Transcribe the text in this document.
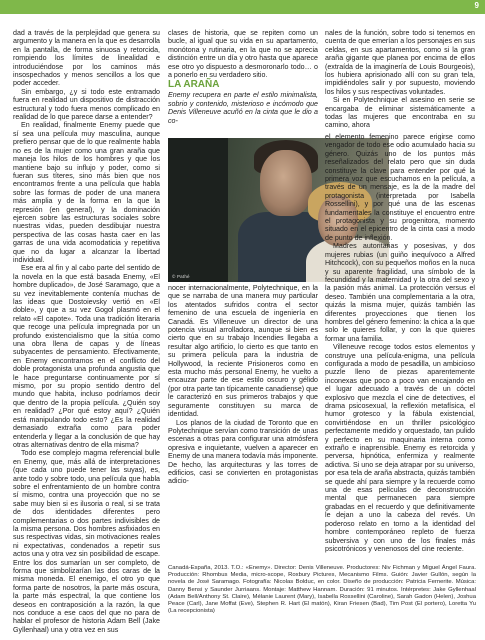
9

dad a través de la perplejidad que genera su argumento y la manera en la que es desarrolla en la pantalla, de forma sinuosa y retorcida, rompiendo los límites de linealidad e introduciéndose por los caminos más insospechados y menos sencillos a los que poder acceder.

Sin embargo, ¿y si todo este entramado fuera en realidad un dispositivo de distracción estructural y todo fuera menos complicado en realidad de lo que parece darse a entender?

En realidad, finalmente Enemy puede que sí sea una película muy masculina, aunque prefiero pensar que de lo que realmente habla no es de la mujer como una gran araña que maneja los hilos de los hombres y que los mantiene bajo su influjo y poder, como si fueran sus títeres, sino más bien que nos encontramos frente a una película que habla sobre las formas de poder de una manera más amplia y de la forma en la que la represión (en general), y la dominación ejercen sobre las estructuras sociales sobre nuestras vidas, pueden desdibujar nuestra perspectiva de las cosas hasta caer en las garras de una vida acomodaticia y repetitiva que no da lugar a alcanzar la libertad individual.

Ese era al fin y al cabo parte del sentido de la novela en la que está basada Enemy, «El hombre duplicado», de José Saramago, que a su vez inevitablemente contenía muchas de las ideas que Dostoievsky vertió en «El doble», y que a su vez Gogol plasmó en el relato «El capote». Toda una tradición literaria que recoge una película impregnada por un profundo existencialismo que la sitúa como una obra llena de capas y de líneas subyacentes de pensamiento. Efectivamente, en Enemy encontramos en el conflicto del doble protagonista una profunda angustia que le hace preguntarse continuamente por sí mismo, por su propio sentido dentro del mundo que habita, incluso podríamos decir que dentro de la propia película. ¿Quién soy en realidad? ¿Por qué estoy aquí? ¿Quién está manipulando todo esto? ¿Es la realidad demasiado extraña como para poder entenderla y llegar a la conclusión de que hay otras alternativas dentro de ella misma?

Todo ese complejo magma referencial bulle en Enemy, que, más allá de interpretaciones (que cada uno puede tener las suyas), es, ante todo y sobre todo, una película que habla sobre el enfrentamiento de un hombre contra sí mismo, contra una proyección que no se sabe muy bien si es ilusoria o real, si se trata de dos identidades diferentes pero complementarias o dos partes indivisibles de la misma persona. Dos hombres asfixiados en sus respectivas vidas, sin motivaciones reales ni expectativas, condenados a repetir sus actos una y otra vez sin posibilidad de escape. Entre los dos sumarían un ser completo, de forma que simbolizarían las dos caras de la misma moneda. El enemigo, el otro yo que forma parte de nosotros, la parte más oscura, la parte más espectral, la que contiene los deseos en contraposición a la razón, la que nos conduce a ese caos del que no para de hablar el profesor de historia Adam Bell (Jake Gyllenhaal) una y otra vez en sus

clases de historia, que se repiten como un bucle, al igual que su vida en su apartamento, monótona y rutinaria, en la que no se aprecia distinción entre un día y otro hasta que aparece ese otro yo dispuesto a desmoronarlo todo… o a ponerlo en su verdadero sitio.

LA ARAÑA

Enemy recupera en parte el estilo minimalista, sobrio y contenido, misterioso e incómodo que Denis Villeneuve acuñó en la cinta que le dio a co-

nales de la función, sobre todo si tenemos en cuenta de que emerían a los personajes en sus celdas, en sus apartamentos, como si la gran araña gigante que planea por encima de ellos (extraída de la imaginería de Louis Bourgeois), los hubiera aprisionado allí con su gran tela, impidiéndoles salir y por supuesto, moviendo los hilos y sus respectivas voluntades.

Si en Polytechnique el asesino en serie se encargaba de eliminar sistemáticamente a todas las mujeres que encontraba en su camino, ahora

© Pathé

el elemento femenino parece erigirse como vengador de todo ese odio acumulado hacia su género. Quizás uno de los puntos más reseñalizados del relato pero que sin duda constituye la clave para entender por qué la primera voz que escuchamos en la película, a través de un mensaje, es la de la madre del protagonista (interpretada por Isabella Rossellini), y por qué una de las escenas fundamentales la constituye el encuentro entre el protagonista y su progenitora, momento situado en el epicentro de la cinta casi a modo de punto de inflexión.

Madres autoritarias y posesivas, y dos mujeres rubias (un guiño inequívoco a Alfred Hitchcock), con su pequeños moños en la nuca y su aparente fragilidad, una símbolo de la fecundidad y la maternidad y la otra del sexo y la pasión más animal. La protección versus el deseo. También una complementaria a la otra, quizás la misma mujer, quizás también las diferentes proyecciones que tienen los hombres del género femenino: la chica a la que solo le quieres follar, y con la que quieres formar una familia.

Villeneuve recoge todos estos elementos y construye una película-enigma, una película configurada a modo de pesadilla, un ambicioso puzzle lleno de piezas aparentemente inconexas que poco a poco van encajando en el lugar adecuado a través de un cóctel explosivo que mezcla el cine de detectives, el drama psicosexual, la reflexión metafísica, el humor grotesco y la fábula existencial, convirtiéndose en un thriller psicológico perfectamente medido y orquestado, tan pulido y perfecto en su maquinaria interna como extraño e inaprensible. Enemy es retorcida y perversa, hipnótica, enfermiza y realmente adictiva. Si uno se deja atrapar por su universo, por esa tela de araña abstracta, quizás también se quede ahí para siempre y la recuerde como una de esas películas de deconstrucción mental que permanecen para siempre grabadas en el recuerdo y que definitivamente le dejan a uno la cabeza del revés. Un poderoso relato en torno a la identidad del hombre contemporáneo repleto de fuerza subversiva y con uno de los finales más psicotrónicos y venenosos del cine reciente.

nocer internacionalmente, Polytechnique, en la que se narraba de una manera muy particular los atentados sufridos contra el sector femenino de una escuela de ingeniería en Canadá. Es Villeneuve un director de una potencia visual arrolladora, aunque si bien es cierto que en su trabajo Incendies llegaba a resultar algo artificio, lo cierto es que tanto en su primera película para la industria de Hollywood, la reciente Prisioneros como en esta mucho más personal Enemy, he vuelto a encauzar parte de ese estilo oscuro y gélido (por otra parte tan típicamente canadiense) que le caracterizó en sus primeros trabajos y que seguramente constituyen su marca de identidad.

Los planos de la ciudad de Toronto que en Polytechnique servían como transición de unas escenas a otras para configurar una atmósfera opresiva e inquietante, vuelven a aparecer en Enemy de una manera todavía más imponente. De hecho, las arquitecturas y las torres de edificios, casi se convierten en protagonistas adicio-

Canadá-España, 2013. T.O.: «Enemy». Director: Denis Villeneuve. Productores: Niv Fichman y Miguel Ángel Faura. Producción: Rhombus Media, micro-scope, Roxbury Pictures, Mecanismo Films. Guión: Javier Gullón, según la novela de José Saramago. Fotografía: Nicolas Bolduc, en color. Diseño de producción: Patricia Fernerite. Música: Danny Bensi y Saunder Jurriaans. Montaje: Matthew Hannam. Duración: 91 minutos. Intérpretes: Jake Gyllenhaal (Adam Bell/Anthony St. Claire), Mélanie Laurent (Mary), Isabella Rossellini (Caroline), Sarah Gadon (Helen), Joshua Peace (Carl), Jane Moffat (Eve), Stephen R. Hart (El matón), Kiran Friesen (Bad), Tim Post (El portero), Loretta Yu (La recepcionista)
